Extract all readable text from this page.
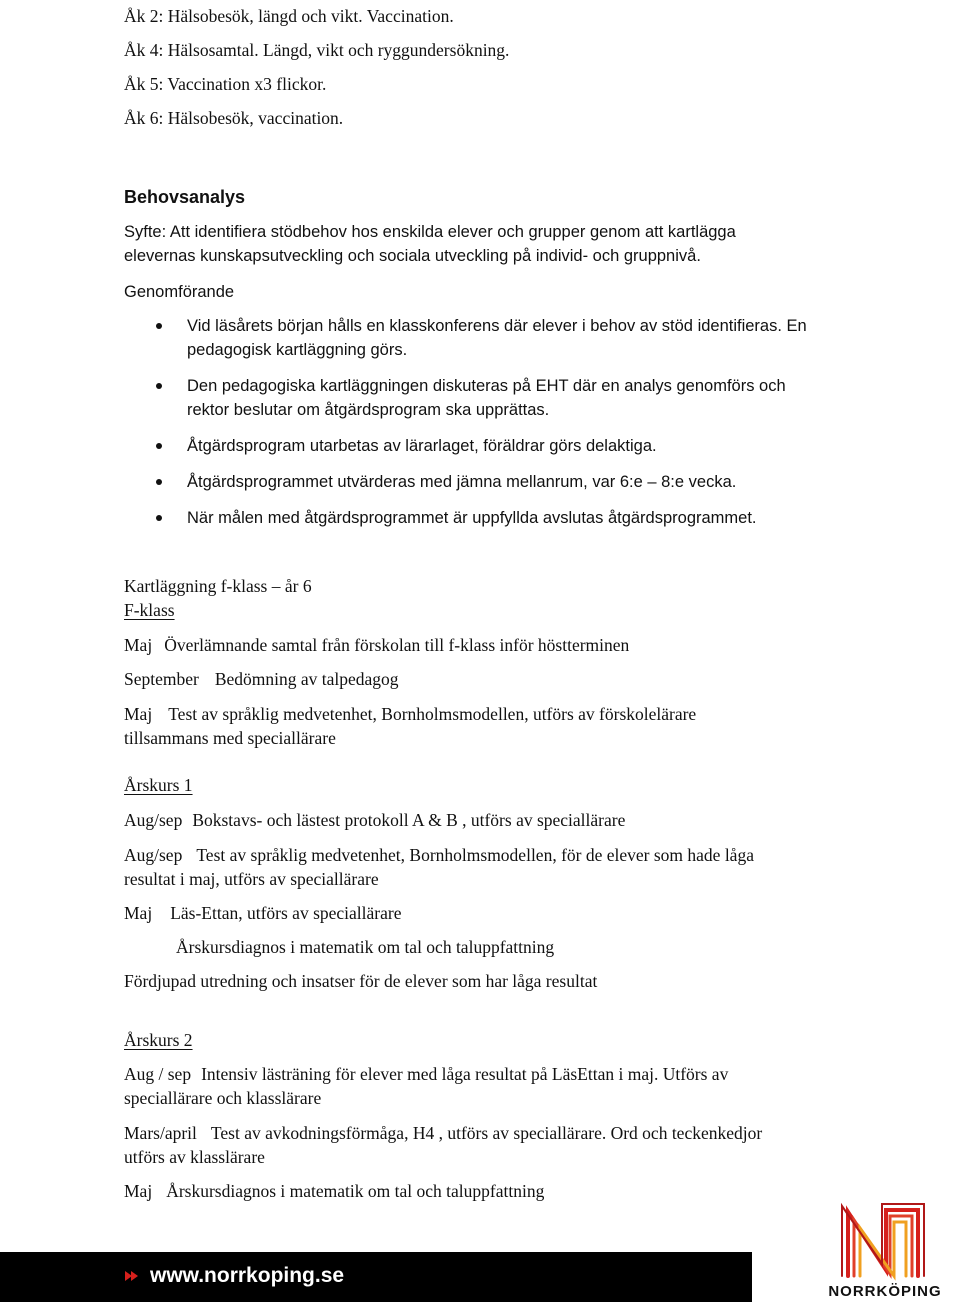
Åk 2: Hälsobesök, längd och vikt. Vaccination.
Åk 4: Hälsosamtal. Längd, vikt och ryggundersökning.
Åk 5: Vaccination x3 flickor.
Åk 6: Hälsobesök, vaccination.
Behovsanalys
Syfte: Att identifiera stödbehov hos enskilda elever och grupper genom att kartlägga
elevernas kunskapsutveckling och sociala utveckling på individ- och gruppnivå.
Genomförande
Vid läsårets början hålls en klasskonferens där elever i behov av stöd identifieras. En
pedagogisk kartläggning görs.
Den pedagogiska kartläggningen diskuteras på EHT där en analys genomförs och
rektor beslutar om åtgärdsprogram ska upprättas.
Åtgärdsprogram utarbetas av lärarlaget, föräldrar görs delaktiga.
Åtgärdsprogrammet utvärderas med jämna mellanrum, var 6:e – 8:e vecka.
När målen med åtgärdsprogrammet är uppfyllda avslutas åtgärdsprogrammet.
Kartläggning f-klass – år 6
F-klass
Maj Överlämnande samtal från förskolan till f-klass inför höstterminen
September Bedömning av talpedagog
Maj Test av språklig medvetenhet, Bornholmsmodellen, utförs av förskolelärare
tillsammans med speciallärare
Årskurs 1
Aug/sep Bokstavs- och lästest protokoll A & B , utförs av speciallärare
Aug/sep Test av språklig medvetenhet, Bornholmsmodellen, för de elever som hade låga
resultat i maj, utförs av speciallärare
Maj Läs-Ettan, utförs av speciallärare
Årskursdiagnos i matematik om tal och taluppfattning
Fördjupad utredning och insatser för de elever som har låga resultat
Årskurs 2
Aug / sep Intensiv lästräning för elever med låga resultat på LäsEttan i maj. Utförs av
speciallärare och klasslärare
Mars/april Test av avkodningsförmåga, H4 , utförs av speciallärare. Ord och teckenkedjor
utförs av klasslärare
Maj Årskursdiagnos i matematik om tal och taluppfattning
www.norrkoping.se
NORRKÖPING
